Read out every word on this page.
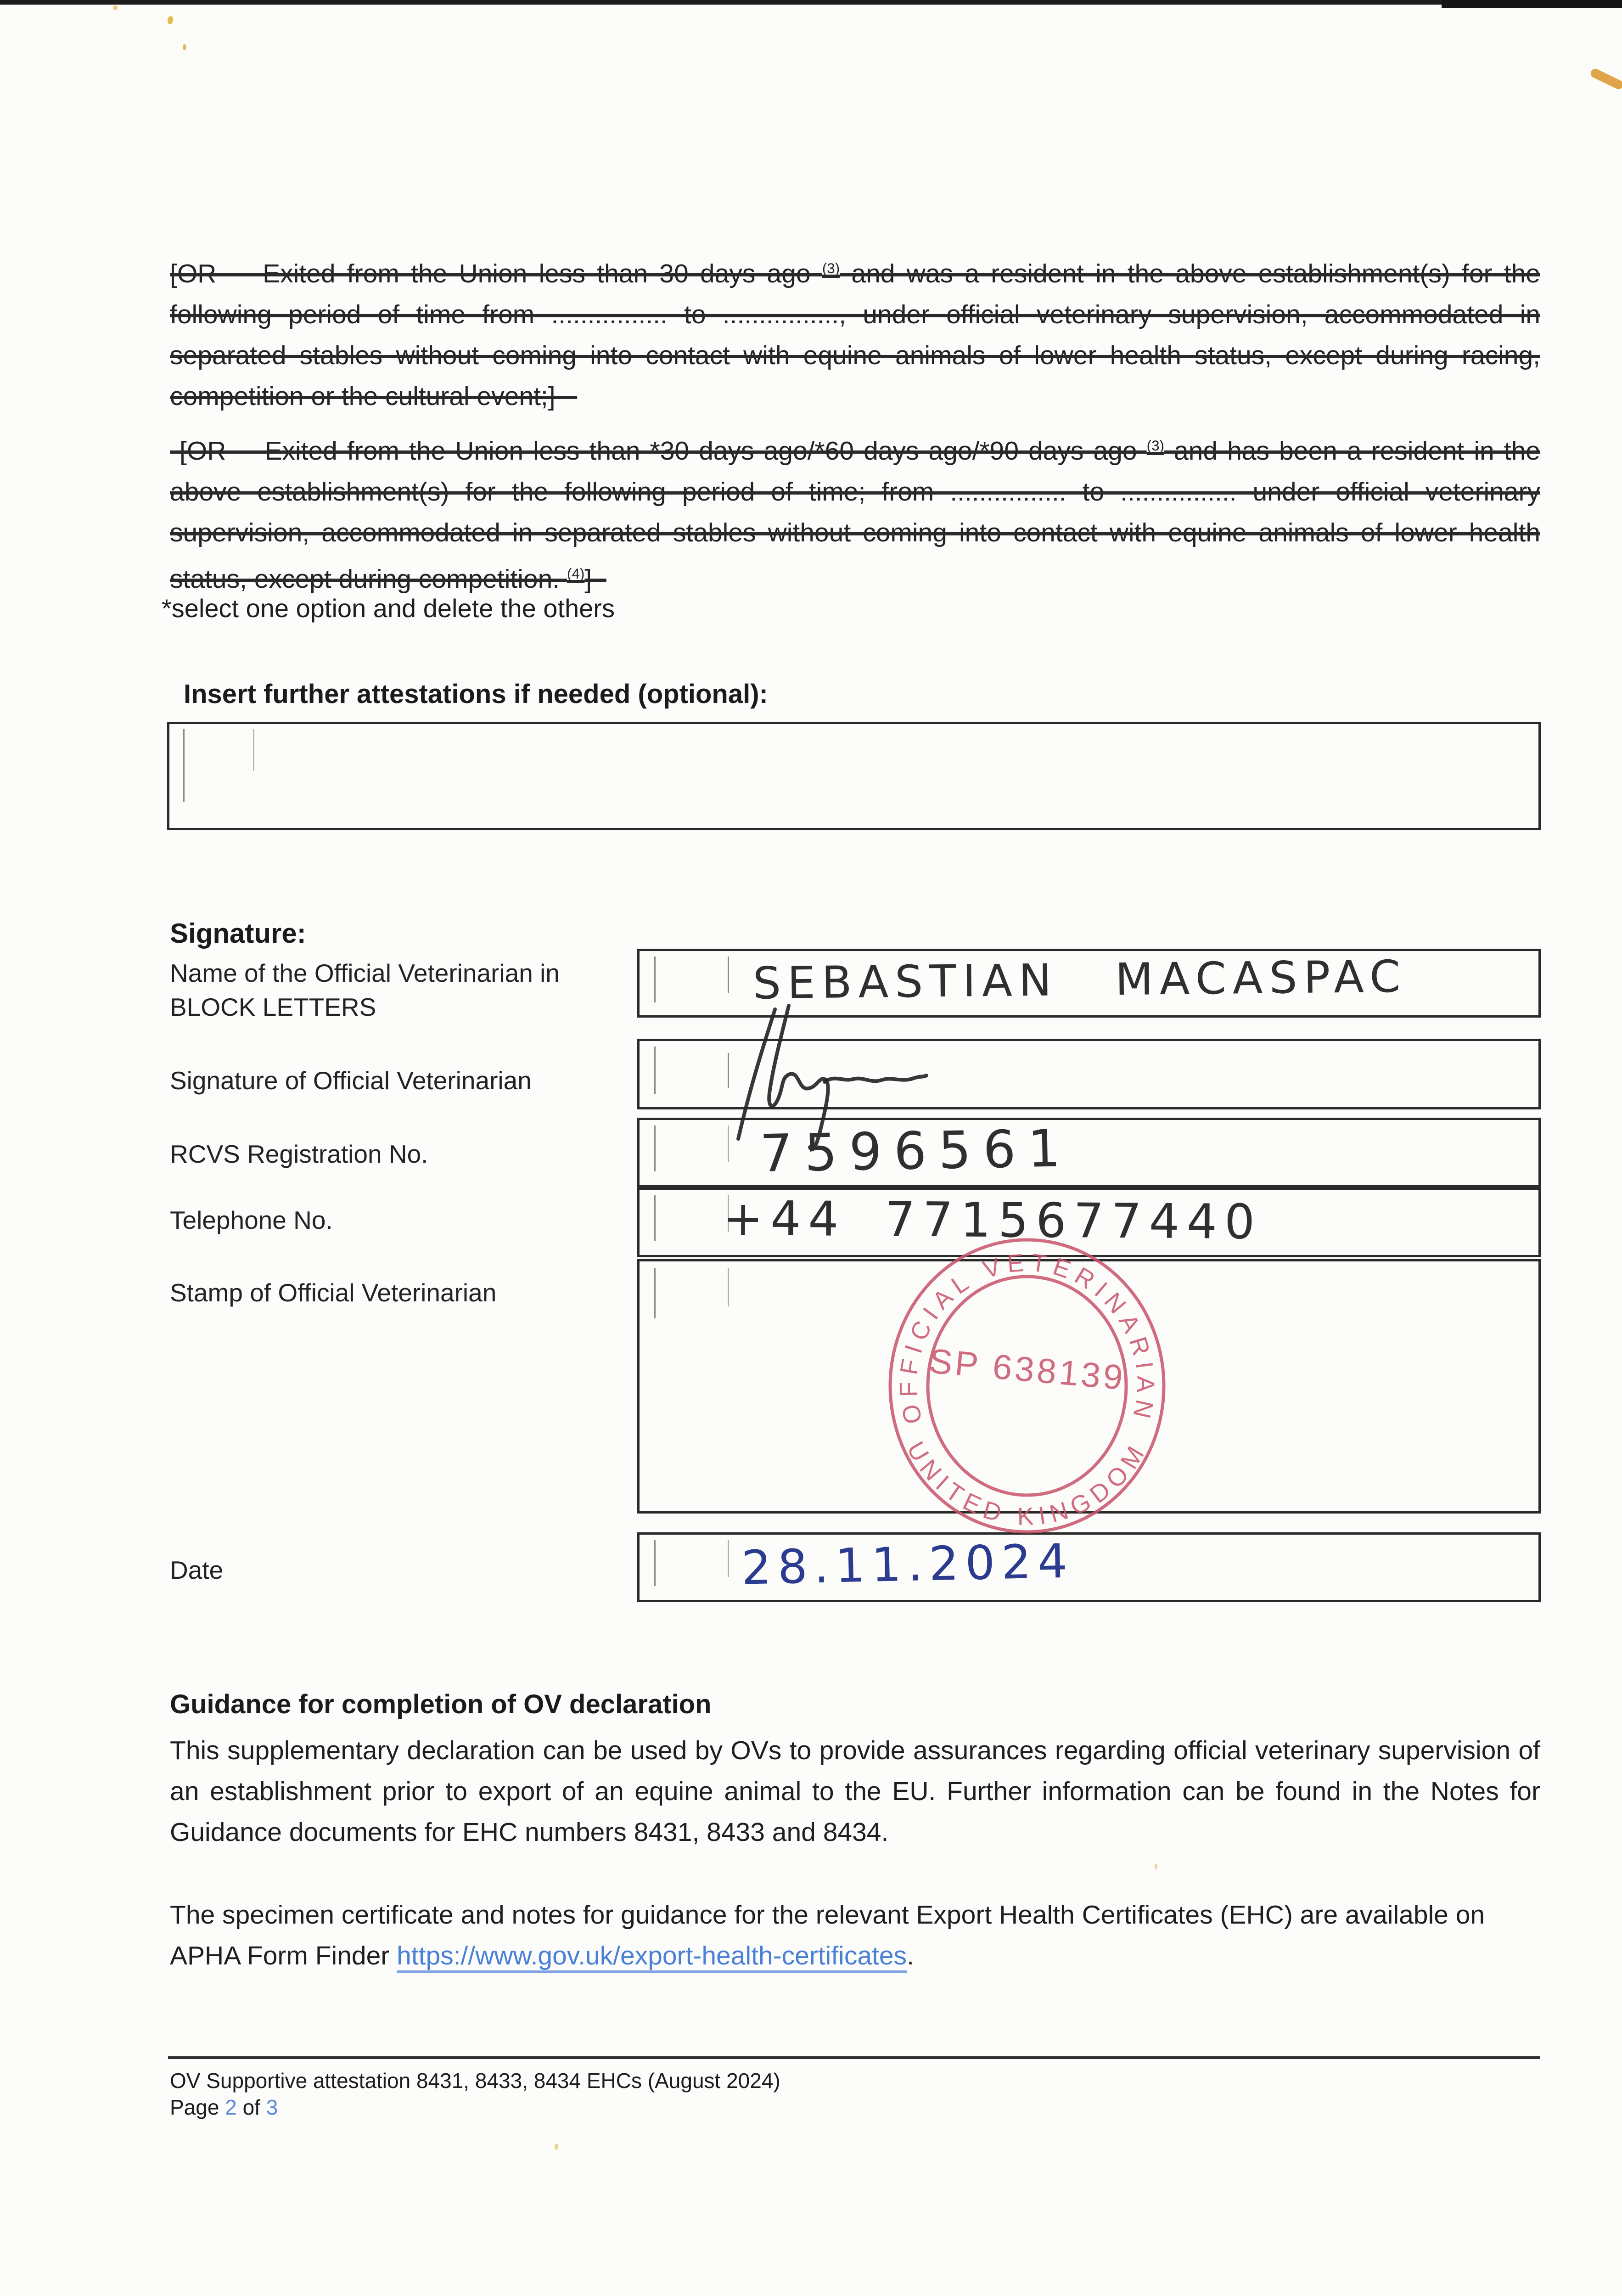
[OR    Exited from the Union less than 30 days ago $^{(3)}$ and was a resident in the above establishment(s) for the following period of time from ................ to ................, under official veterinary supervision, accommodated in separated stables without coming into contact with equine animals of lower health status, except during racing, competition or the cultural event;]

[OR    Exited from the Union less than *30 days ago/*60 days ago/*90 days ago $^{(3)}$ and has been a resident in the above establishment(s) for the following period of time; from ................ to ................ under official veterinary supervision, accommodated in separated stables without coming into contact with equine animals of lower health status, except during competition. $^{(4)}$]

*select one option and delete the others
Insert further attestations if needed (optional):
Signature:
Name of the Official Veterinarian in BLOCK LETTERS	SEBASTIAN MACASPAC
Signature of Official Veterinarian
RCVS Registration No.	7596561
Telephone No.	+44 7715677440
Stamp of Official Veterinarian
OFFICIAL VETERINARIAN
UNITED KINGDOM
SP 638139
Date	28.11.2024
Guidance for completion of OV declaration

This supplementary declaration can be used by OVs to provide assurances regarding official veterinary supervision of an establishment prior to export of an equine animal to the EU. Further information can be found in the Notes for Guidance documents for EHC numbers 8431, 8433 and 8434.

The specimen certificate and notes for guidance for the relevant Export Health Certificates (EHC) are available on APHA Form Finder https://www.gov.uk/export-health-certificates.

OV Supportive attestation 8431, 8433, 8434 EHCs (August 2024)
Page 2 of 3
